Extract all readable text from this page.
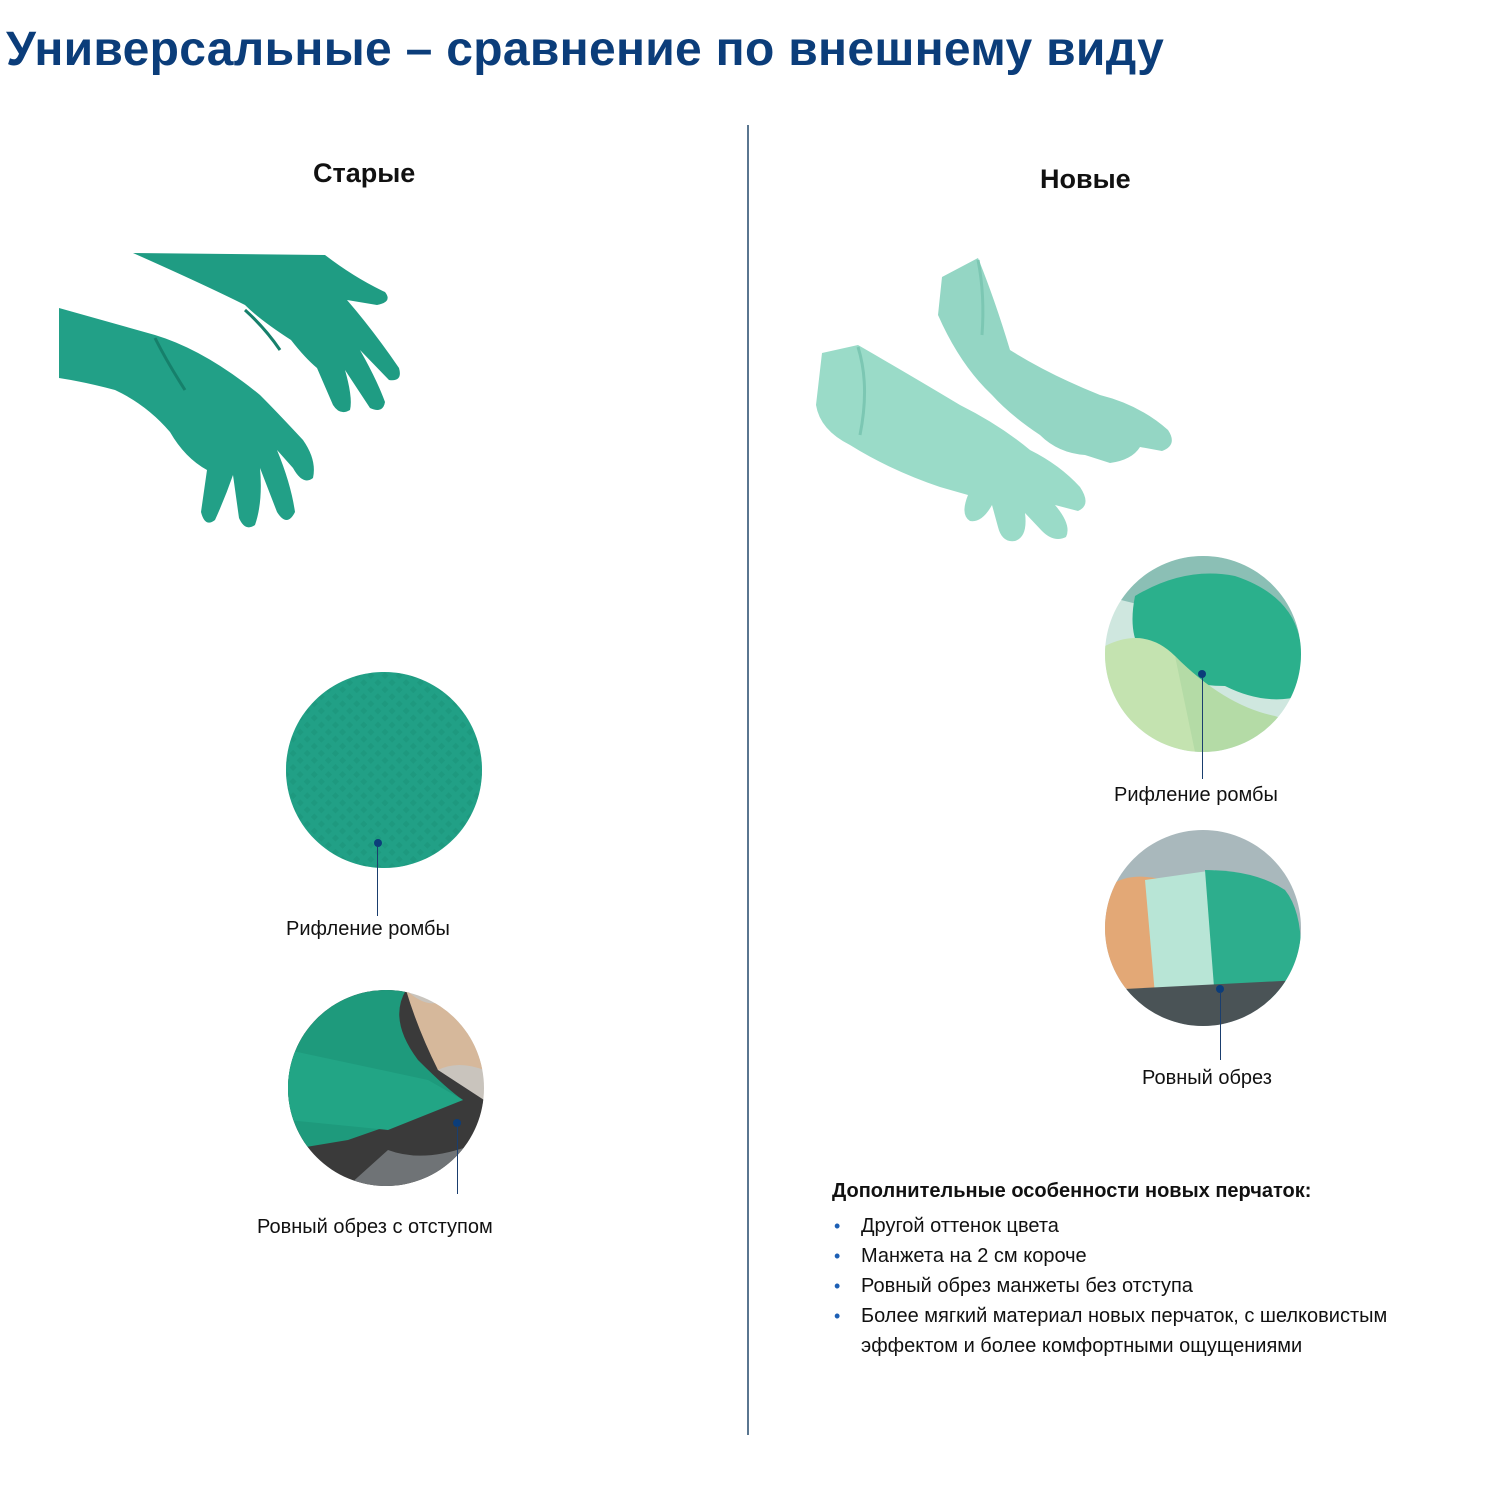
Универсальные – сравнение по внешнему виду
Старые
Рифление ромбы
Ровный обрез с отступом
Новые
Рифление ромбы
Ровный обрез
Дополнительные особенности новых перчаток:
• Другой оттенок цвета
• Манжета на 2 см короче
• Ровный обрез манжеты без отступа
• Более мягкий материал новых перчаток, с шелковистым эффектом и более комфортными ощущениями
